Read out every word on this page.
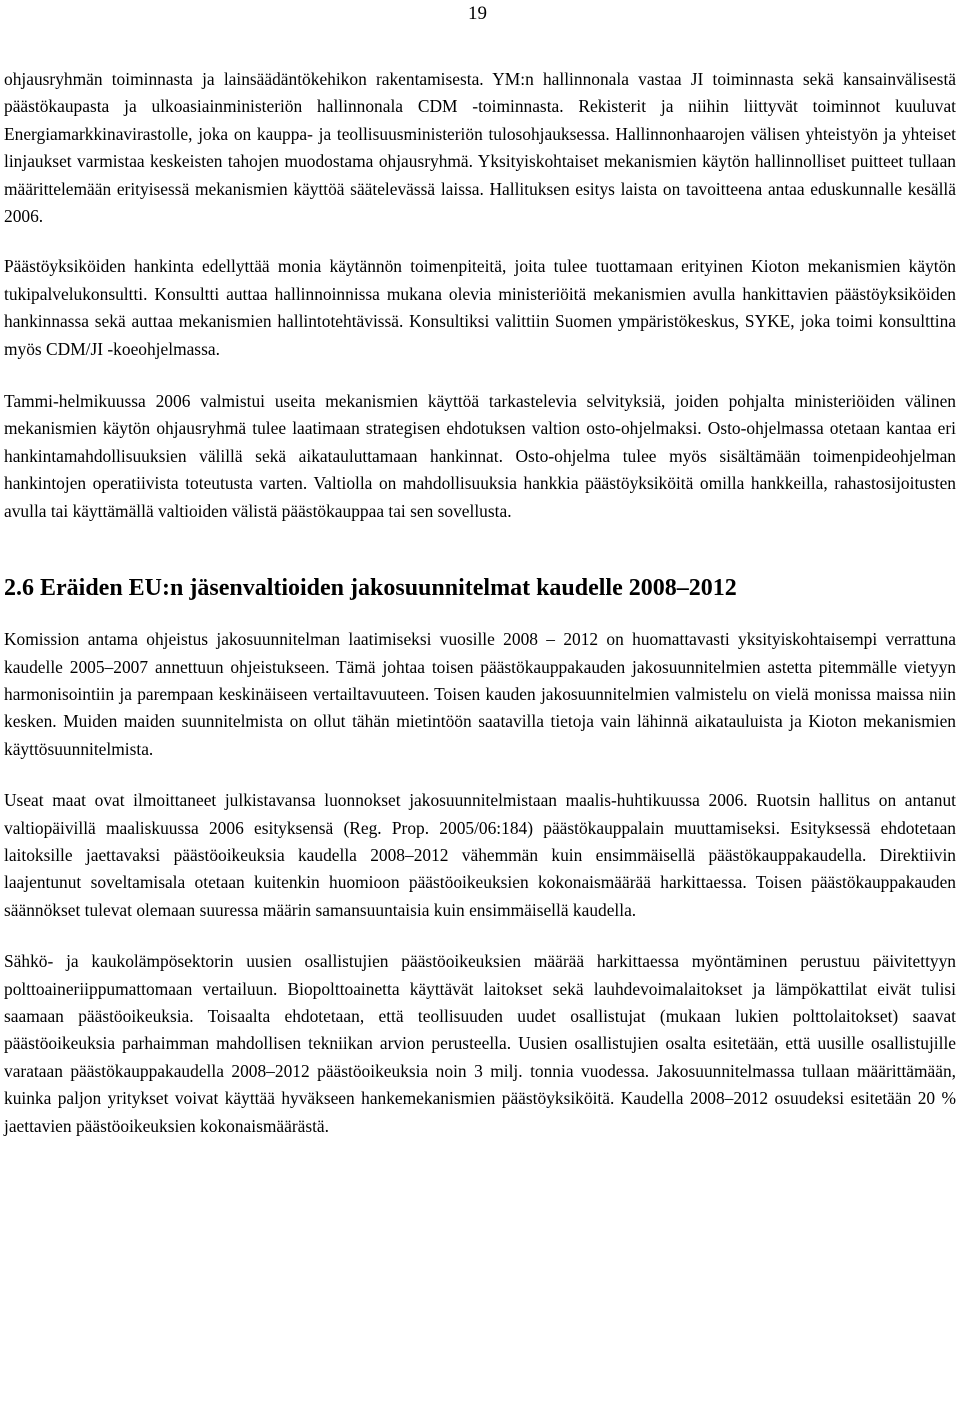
19

ohjausryhmän toiminnasta ja lainsäädäntökehikon rakentamisesta. YM:n hallinnonala vastaa JI toiminnasta sekä kansainvälisestä päästökaupasta ja ulkoasiainministeriön hallinnonala CDM -toiminnasta. Rekisterit ja niihin liittyvät toiminnot kuuluvat Energiamarkkinavirastolle, joka on kauppa- ja teollisuusministeriön tulosohjauksessa. Hallinnonhaarojen välisen yhteistyön ja yhteiset linjaukset varmistaa keskeisten tahojen muodostama ohjausryhmä. Yksityiskohtaiset mekanismien käytön hallinnolliset puitteet tullaan määrittelemään erityisessä mekanismien käyttöä säätelevässä laissa. Hallituksen esitys laista on tavoitteena antaa eduskunnalle kesällä 2006.

Päästöyksiköiden hankinta edellyttää monia käytännön toimenpiteitä, joita tulee tuottamaan erityinen Kioton mekanismien käytön tukipalvelukonsultti. Konsultti auttaa hallinnoinnissa mukana olevia ministeriöitä mekanismien avulla hankittavien päästöyksiköiden hankinnassa sekä auttaa mekanismien hallintotehtävissä. Konsultiksi valittiin Suomen ympäristökeskus, SYKE, joka toimi konsulttina myös CDM/JI -koeohjelmassa.

Tammi-helmikuussa 2006 valmistui useita mekanismien käyttöä tarkastelevia selvityksiä, joiden pohjalta ministeriöiden välinen mekanismien käytön ohjausryhmä tulee laatimaan strategisen ehdotuksen valtion osto-ohjelmaksi. Osto-ohjelmassa otetaan kantaa eri hankintamahdollisuuksien välillä sekä aikatauluttamaan hankinnat. Osto-ohjelma tulee myös sisältämään toimenpideohjelman hankintojen operatiivista toteutusta varten. Valtiolla on mahdollisuuksia hankkia päästöyksiköitä omilla hankkeilla, rahastosijoitusten avulla tai käyttämällä valtioiden välistä päästökauppaa tai sen sovellusta.

2.6 Eräiden EU:n jäsenvaltioiden jakosuunnitelmat kaudelle 2008–2012

Komission antama ohjeistus jakosuunnitelman laatimiseksi vuosille 2008 – 2012 on huomattavasti yksityiskohtaisempi verrattuna kaudelle 2005–2007 annettuun ohjeistukseen. Tämä johtaa toisen päästökauppakauden jakosuunnitelmien astetta pitemmälle vietyyn harmonisointiin ja parempaan keskinäiseen vertailtavuuteen. Toisen kauden jakosuunnitelmien valmistelu on vielä monissa maissa niin kesken. Muiden maiden suunnitelmista on ollut tähän mietintöön saatavilla tietoja vain lähinnä aikatauluista ja Kioton mekanismien käyttösuunnitelmista.

Useat maat ovat ilmoittaneet julkistavansa luonnokset jakosuunnitelmistaan maalis-huhtikuussa 2006. Ruotsin hallitus on antanut valtiopäivillä maaliskuussa 2006 esityksensä (Reg. Prop. 2005/06:184) päästökauppalain muuttamiseksi. Esityksessä ehdotetaan laitoksille jaettavaksi päästöoikeuksia kaudella 2008–2012 vähemmän kuin ensimmäisellä päästökauppakaudella. Direktiivin laajentunut soveltamisala otetaan kuitenkin huomioon päästöoikeuksien kokonaismäärää harkittaessa. Toisen päästökauppakauden säännökset tulevat olemaan suuressa määrin samansuuntaisia kuin ensimmäisellä kaudella.

Sähkö- ja kaukolämpösektorin uusien osallistujien päästöoikeuksien määrää harkittaessa myöntäminen perustuu päivitettyyn polttoaineriippumattomaan vertailuun. Biopolttoainetta käyttävät laitokset sekä lauhdevoimalaitokset ja lämpökattilat eivät tulisi saamaan päästöoikeuksia. Toisaalta ehdotetaan, että teollisuuden uudet osallistujat (mukaan lukien polttolaitokset) saavat päästöoikeuksia parhaimman mahdollisen tekniikan arvion perusteella. Uusien osallistujien osalta esitetään, että uusille osallistujille varataan päästökauppakaudella 2008–2012 päästöoikeuksia noin 3 milj. tonnia vuodessa. Jakosuunnitelmassa tullaan määrittämään, kuinka paljon yritykset voivat käyttää hyväkseen hankemekanismien päästöyksiköitä. Kaudella 2008–2012 osuudeksi esitetään 20 % jaettavien päästöoikeuksien kokonaismäärästä.
